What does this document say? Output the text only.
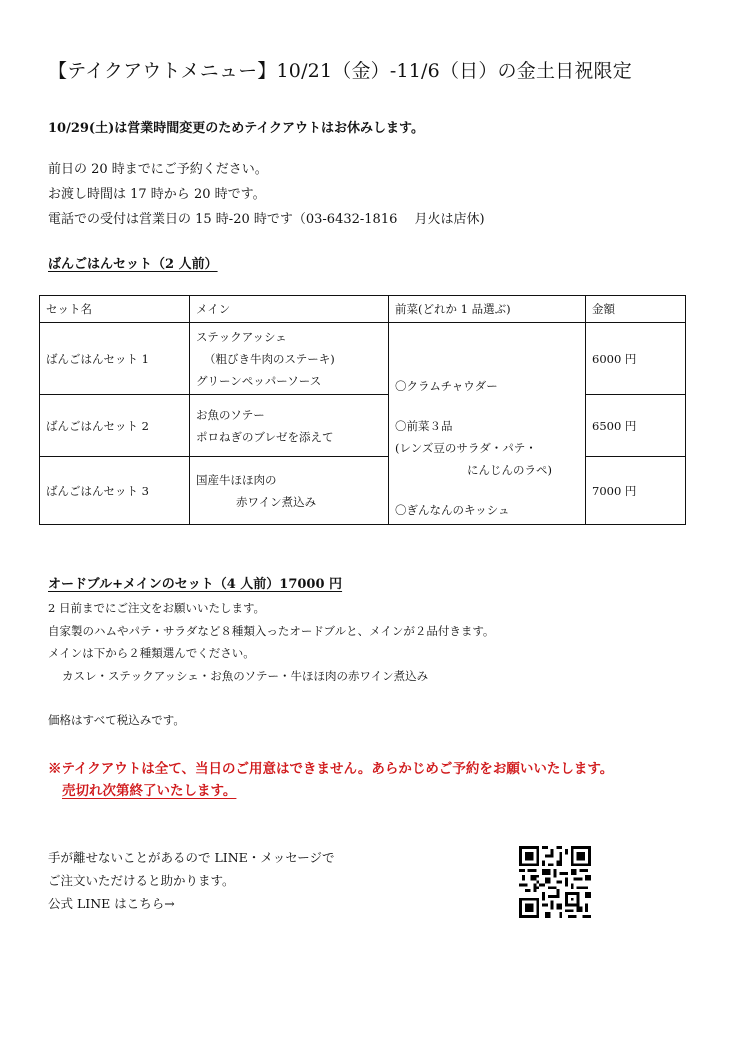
【テイクアウトメニュー】10/21（金）-11/6（日）の金土日祝限定
10/29(土)は営業時間変更のためテイクアウトはお休みします。
前日の 20 時までにご予約ください。
お渡し時間は 17 時から 20 時です。
電話での受付は営業日の 15 時-20 時です（03-6432-1816　 月火は店休)
ばんごはんセット（2 人前）
セット名	メイン	前菜(どれか 1 品選ぶ)	金額
ばんごはんセット 1	ステックアッシェ
（粗びき牛肉のステーキ)
グリーンペッパーソース	〇クラムチャウダー
〇前菜３品
(レンズ豆のサラダ・パテ・
にんじんのラペ)
〇ぎんなんのキッシュ	6000 円
ばんごはんセット 2	お魚のソテー
ポロねぎのブレゼを添えて		6500 円
ばんごはんセット 3	国産牛ほほ肉の
赤ワイン煮込み		7000 円
オードブル+メインのセット（4 人前）17000 円
2 日前までにご注文をお願いいたします。
自家製のハムやパテ・サラダなど８種類入ったオードブルと、メインが２品付きます。
メインは下から２種類選んでください。
カスレ・ステックアッシェ・お魚のソテー・牛ほほ肉の赤ワイン煮込み
価格はすべて税込みです。
※テイクアウトは全て、当日のご用意はできません。あらかじめご予約をお願いいたします。
売切れ次第終了いたします。
手が離せないことがあるので LINE・メッセージで
ご注文いただけると助かります。
公式 LINE はこちら→
